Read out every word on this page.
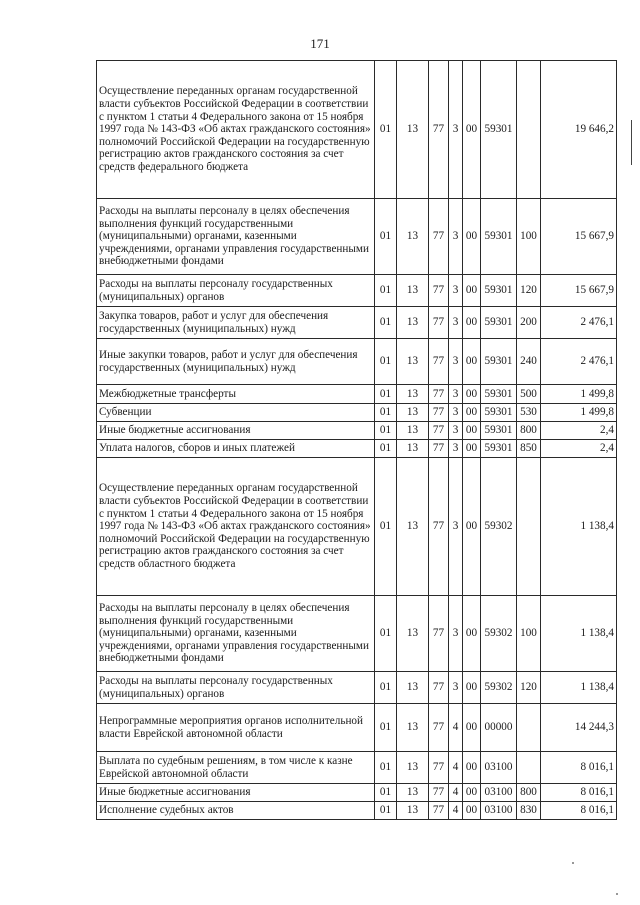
171
Осуществление переданных органам государственной власти субъектов Российской Федерации в соответствии с пунктом 1 статьи 4 Федерального закона от 15 ноября 1997 года № 143-ФЗ «Об актах гражданского состояния» полномочий Российской Федерации на государственную регистрацию актов гражданского состояния за счет средств федерального бюджета	01	13	77	3	00	59301		19 646,2
Расходы на выплаты персоналу в целях обеспечения выполнения функций государственными (муниципальными) органами, казенными учреждениями, органами управления государственными внебюджетными фондами	01	13	77	3	00	59301	100	15 667,9
Расходы на выплаты персоналу государственных (муниципальных) органов	01	13	77	3	00	59301	120	15 667,9
Закупка товаров, работ и услуг для обеспечения государственных (муниципальных) нужд	01	13	77	3	00	59301	200	2 476,1
Иные закупки товаров, работ и услуг для обеспечения государственных (муниципальных) нужд	01	13	77	3	00	59301	240	2 476,1
Межбюджетные трансферты	01	13	77	3	00	59301	500	1 499,8
Субвенции	01	13	77	3	00	59301	530	1 499,8
Иные бюджетные ассигнования	01	13	77	3	00	59301	800	2,4
Уплата налогов, сборов и иных платежей	01	13	77	3	00	59301	850	2,4
Осуществление переданных органам государственной власти субъектов Российской Федерации в соответствии с пунктом 1 статьи 4 Федерального закона от 15 ноября 1997 года № 143-ФЗ «Об актах гражданского состояния» полномочий Российской Федерации на государственную регистрацию актов гражданского состояния за счет средств областного бюджета	01	13	77	3	00	59302		1 138,4
Расходы на выплаты персоналу в целях обеспечения выполнения функций государственными (муниципальными) органами, казенными учреждениями, органами управления государственными внебюджетными фондами	01	13	77	3	00	59302	100	1 138,4
Расходы на выплаты персоналу государственных (муниципальных) органов	01	13	77	3	00	59302	120	1 138,4
Непрограммные мероприятия органов исполнительной власти Еврейской автономной области	01	13	77	4	00	00000		14 244,3
Выплата по судебным решениям, в том числе к казне Еврейской автономной области	01	13	77	4	00	03100		8 016,1
Иные бюджетные ассигнования	01	13	77	4	00	03100	800	8 016,1
Исполнение судебных актов	01	13	77	4	00	03100	830	8 016,1
